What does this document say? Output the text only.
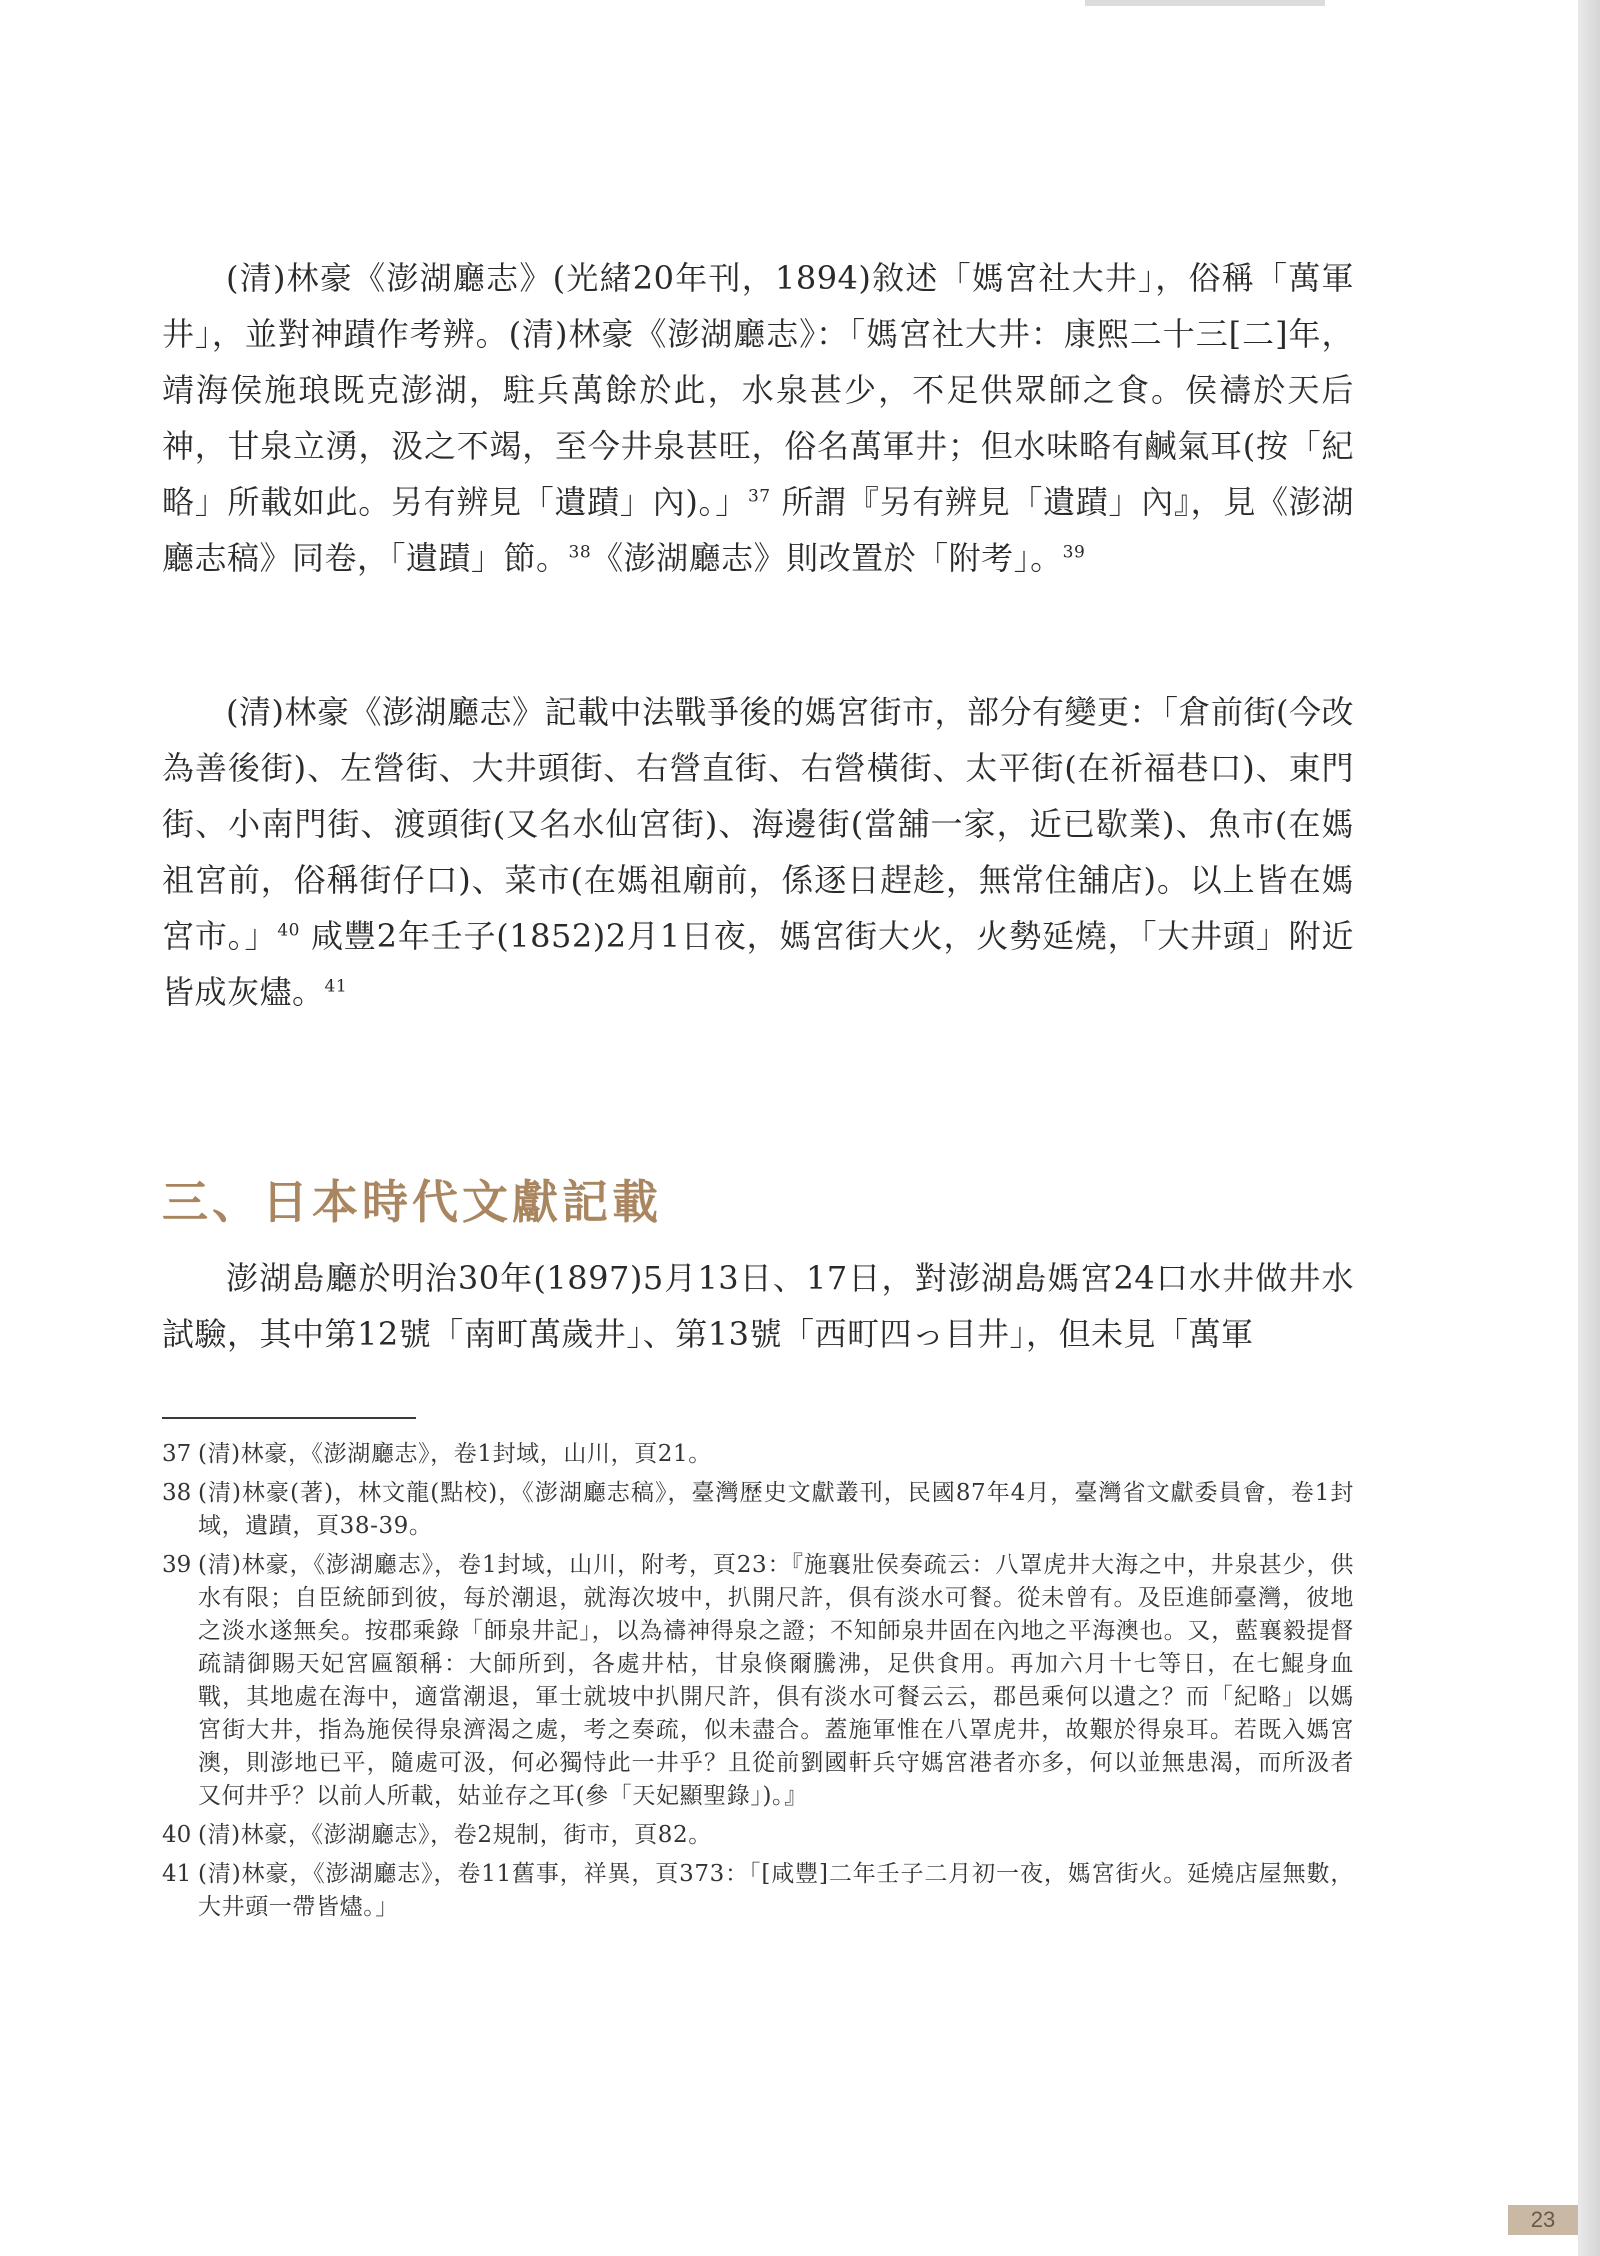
(清)林豪《澎湖廳志》(光緒20年刊，1894)敘述「媽宮社大井」，俗稱「萬軍井」，並對神蹟作考辨。(清)林豪《澎湖廳志》：「媽宮社大井：康熙二十三[二]年，靖海侯施琅既克澎湖，駐兵萬餘於此，水泉甚少，不足供眾師之食。侯禱於天后神，甘泉立湧，汲之不竭，至今井泉甚旺，俗名萬軍井；但水味略有鹹氣耳(按「紀略」所載如此。另有辨見「遺蹟」內)。」$^{37}$ 所謂『另有辨見「遺蹟」內』，見《澎湖廳志稿》同卷，「遺蹟」節。$^{38}$《澎湖廳志》則改置於「附考」。$^{39}$

(清)林豪《澎湖廳志》記載中法戰爭後的媽宮街市，部分有變更：「倉前街(今改為善後街)、左營街、大井頭街、右營直街、右營橫街、太平街(在祈福巷口)、東門街、小南門街、渡頭街(又名水仙宮街)、海邊街(當舖一家，近已歇業)、魚市(在媽祖宮前，俗稱街仔口)、菜市(在媽祖廟前，係逐日趕趁，無常住舖店)。以上皆在媽宮市。」$^{40}$ 咸豐2年壬子(1852)2月1日夜，媽宮街大火，火勢延燒，「大井頭」附近皆成灰燼。$^{41}$

三、日本時代文獻記載

澎湖島廳於明治30年(1897)5月13日、17日，對澎湖島媽宮24口水井做井水試驗，其中第12號「南町萬歲井」、第13號「西町四っ目井」，但未見「萬軍

37 (清)林豪，《澎湖廳志》，卷1封域，山川，頁21。
38 (清)林豪(著)，林文龍(點校)，《澎湖廳志稿》，臺灣歷史文獻叢刊，民國87年4月，臺灣省文獻委員會，卷1封域，遺蹟，頁38-39。
39 (清)林豪，《澎湖廳志》，卷1封域，山川，附考，頁23：『施襄壯侯奏疏云：八罩虎井大海之中，井泉甚少，供水有限；自臣統師到彼，每於潮退，就海次坡中，扒開尺許，俱有淡水可餐。從未曾有。及臣進師臺灣，彼地之淡水遂無矣。按郡乘錄「師泉井記」，以為禱神得泉之證；不知師泉井固在內地之平海澳也。又，藍襄毅提督疏請御賜天妃宮匾額稱：大師所到，各處井枯，甘泉倏爾騰沸，足供食用。再加六月十七等日，在七鯤身血戰，其地處在海中，適當潮退，軍士就坡中扒開尺許，俱有淡水可餐云云，郡邑乘何以遺之？而「紀略」以媽宮街大井，指為施侯得泉濟渴之處，考之奏疏，似未盡合。蓋施軍惟在八罩虎井，故艱於得泉耳。若既入媽宮澳，則澎地已平，隨處可汲，何必獨恃此一井乎？且從前劉國軒兵守媽宮港者亦多，何以並無患渴，而所汲者又何井乎？以前人所載，姑並存之耳(參「天妃顯聖錄」)。』
40 (清)林豪，《澎湖廳志》，卷2規制，街市，頁82。
41 (清)林豪，《澎湖廳志》，卷11舊事，祥異，頁373：「[咸豐]二年壬子二月初一夜，媽宮街火。延燒店屋無數，大井頭一帶皆燼。」
23
